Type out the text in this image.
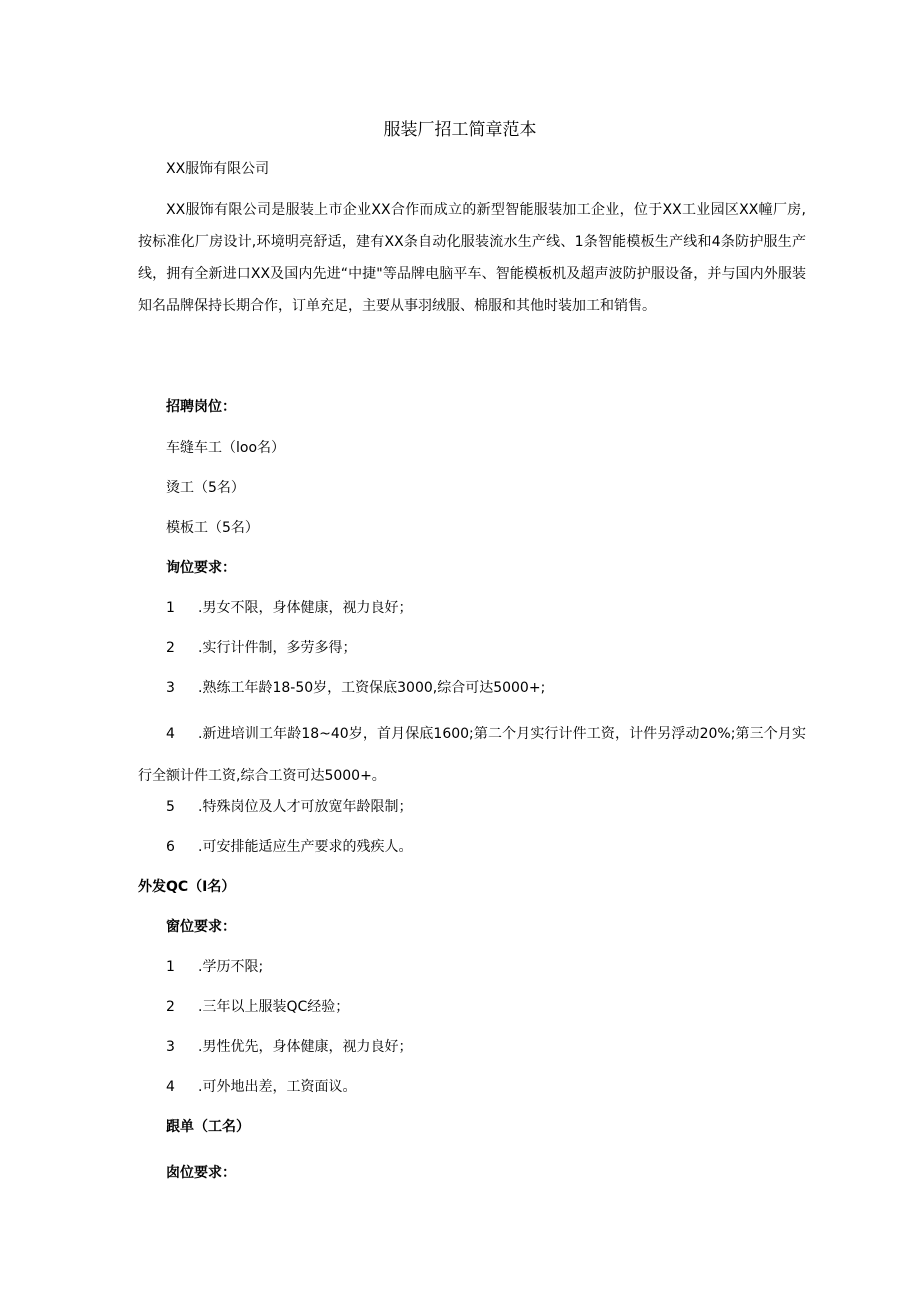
服装厂招工简章范本
XX服饰有限公司
XX服饰有限公司是服装上市企业XX合作而成立的新型智能服装加工企业，位于XX工业园区XX幢厂房,按标准化厂房设计,环境明亮舒适，建有XX条自动化服装流水生产线、1条智能模板生产线和4条防护服生产线，拥有全新进口XX及国内先进“中捷"等品牌电脑平车、智能模板机及超声波防护服设备，并与国内外服装知名品牌保持长期合作，订单充足，主要从事羽绒服、棉服和其他时装加工和销售。
招聘岗位：
车缝车工（loo名）
烫工（5名）
模板工（5名）
询位要求：
1 .男女不限，身体健康，视力良好；
2 .实行计件制，多劳多得；
3 .熟练工年龄18-50岁，工资保底3000,综合可达5000+;
4 .新进培训工年龄18~40岁，首月保底1600;第二个月实行计件工资，计件另浮动20%;第三个月实行全额计件工资,综合工资可达5000+。
5 .特殊岗位及人才可放宽年龄限制；
6 .可安排能适应生产要求的残疾人。
外发QC（I名）
窗位要求：
1 .学历不限;
2 .三年以上服装QC经验；
3 .男性优先，身体健康，视力良好；
4 .可外地出差，工资面议。
跟单（工名）
囱位要求：
